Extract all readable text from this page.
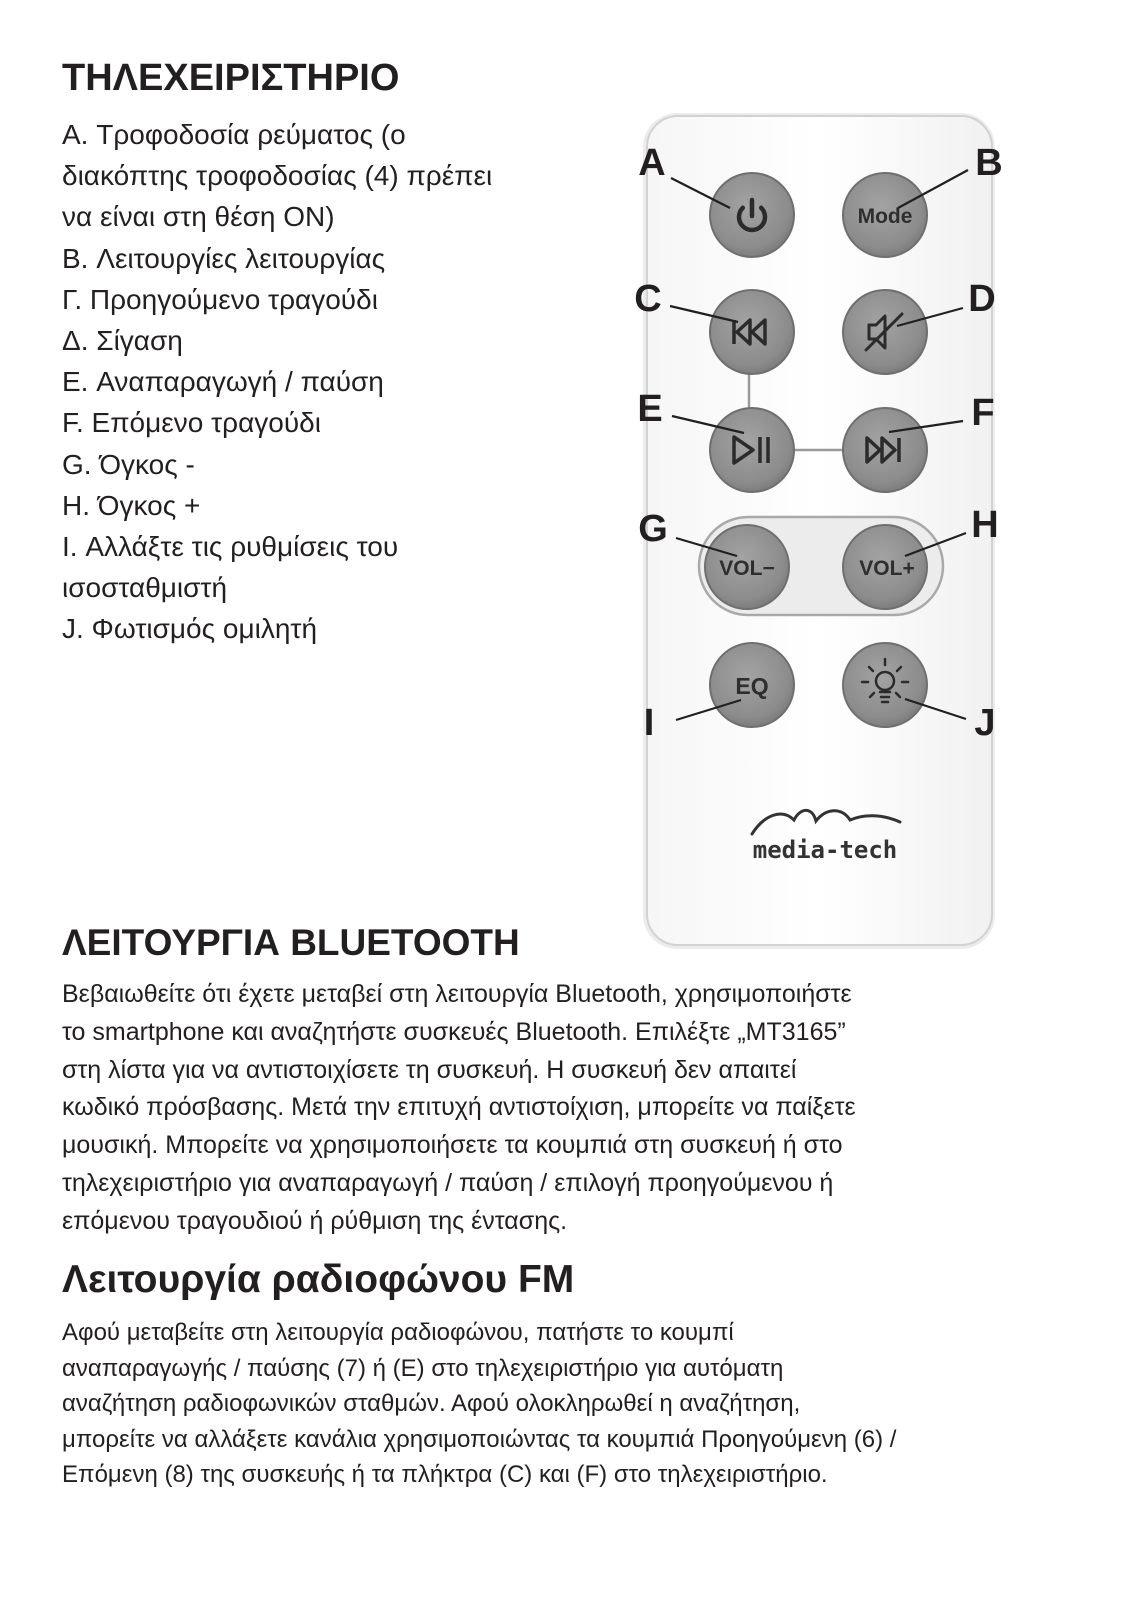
ΤΗΛΕΧΕΙΡΙΣΤΗΡΙΟ
A. Τροφοδοσία ρεύματος (ο
διακόπτης τροφοδοσίας (4) πρέπει
να είναι στη θέση ON)
B. Λειτουργίες λειτουργίας
Γ. Προηγούμενο τραγούδι
Δ. Σίγαση
E. Αναπαραγωγή / παύση
F. Επόμενο τραγούδι
G. Όγκος -
H. Όγκος +
I. Αλλάξτε τις ρυθμίσεις του
ισοσταθμιστή
J. Φωτισμός ομιλητή
Mode
VOL−	VOL+
EQ
A	B
C	D
E	F
G	H
I	J
media-tech
ΛΕΙΤΟΥΡΓΙΑ BLUETOOTH
Βεβαιωθείτε ότι έχετε μεταβεί στη λειτουργία Bluetooth, χρησιμοποιήστε
το smartphone και αναζητήστε συσκευές Bluetooth. Επιλέξτε „MT3165”
στη λίστα για να αντιστοιχίσετε τη συσκευή. Η συσκευή δεν απαιτεί
κωδικό πρόσβασης. Μετά την επιτυχή αντιστοίχιση, μπορείτε να παίξετε
μουσική. Μπορείτε να χρησιμοποιήσετε τα κουμπιά στη συσκευή ή στο
τηλεχειριστήριο για αναπαραγωγή / παύση / επιλογή προηγούμενου ή
επόμενου τραγουδιού ή ρύθμιση της έντασης.
Λειτουργία ραδιοφώνου FM
Αφού μεταβείτε στη λειτουργία ραδιοφώνου, πατήστε το κουμπί
αναπαραγωγής / παύσης (7) ή (E) στο τηλεχειριστήριο για αυτόματη
αναζήτηση ραδιοφωνικών σταθμών. Αφού ολοκληρωθεί η αναζήτηση,
μπορείτε να αλλάξετε κανάλια χρησιμοποιώντας τα κουμπιά Προηγούμενη (6) /
Επόμενη (8) της συσκευής ή τα πλήκτρα (C) και (F) στο τηλεχειριστήριο.
